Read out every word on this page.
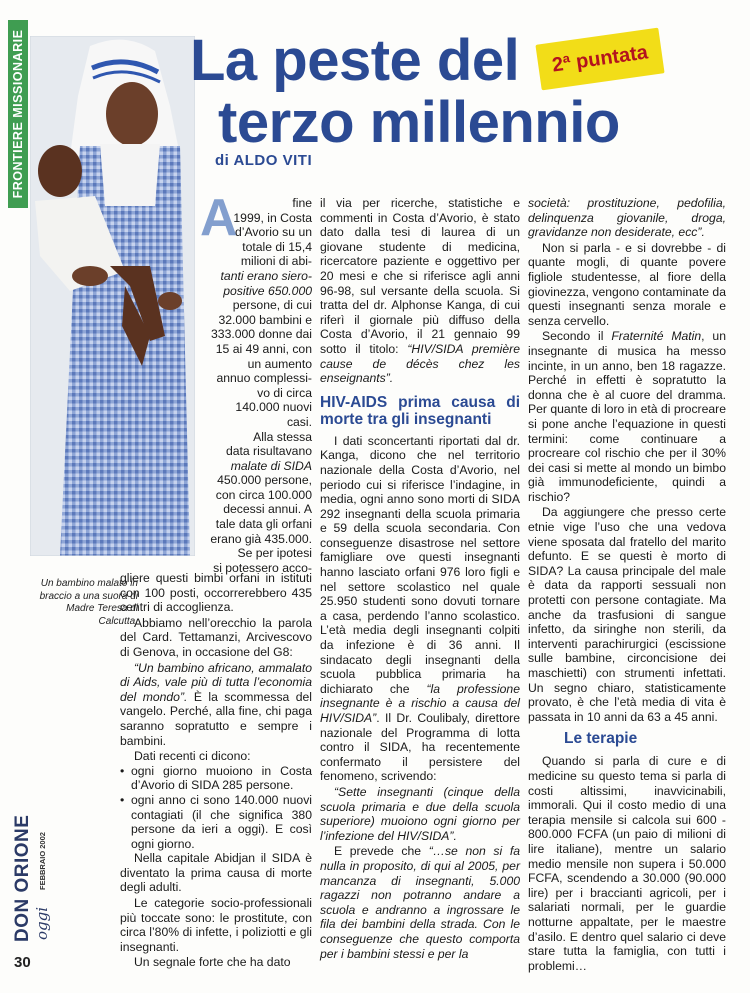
FRONTIERE MISSIONARIE
Un bambino malato in braccio a una suora di Madre Teresa di Calcutta.
La peste del
terzo millennio
2ª puntata
di ALDO VITI
A	fine
1999, in Costa
d’Avorio su un
totale di 15,4
milioni di abi-
tanti erano siero-
positive 650.000
persone, di cui
32.000 bambini e
333.000 donne dai
15 ai 49 anni, con
un aumento
annuo complessi-
vo di circa
140.000 nuovi
casi.
Alla stessa
data risultavano
malate di SIDA
450.000 persone,
con circa 100.000
decessi annui. A
tale data gli orfani
erano già 435.000.
Se per ipotesi
si potessero acco-

gliere questi bimbi orfani in istituti con 100 posti, occorrerebbero 435 centri di accoglienza.

Abbiamo nell’orecchio la parola del Card. Tettamanzi, Arcivescovo di Genova, in occasione del G8:

“Un bambino africano, ammalato di Aids, vale più di tutta l’economia del mondo”. È la scommessa del vangelo. Perché, alla fine, chi paga saranno sopratutto e sempre i bambini.

Dati recenti ci dicono:

• ogni giorno muoiono in Costa d’Avorio di SIDA 285 persone.
• ogni anno ci sono 140.000 nuovi contagiati (il che significa 380 persone da ieri a oggi). E così ogni giorno.

Nella capitale Abidjan il SIDA è diventato la prima causa di morte degli adulti.

Le categorie socio-professionali più toccate sono: le prostitute, con circa l’80% di infette, i poliziotti e gli insegnanti.

Un segnale forte che ha dato

il via per ricerche, statistiche e commenti in Costa d’Avorio, è stato dato dalla tesi di laurea di un giovane studente di medicina, ricercatore paziente e oggettivo per 20 mesi e che si riferisce agli anni 96-98, sul versante della scuola. Si tratta del dr. Alphonse Kanga, di cui riferì il giornale più diffuso della Costa d’Avorio, il 21 gennaio 99 sotto il titolo: “HIV/SIDA première cause de décès chez les enseignants”.

HIV-AIDS prima causa di morte tra gli insegnanti

I dati sconcertanti riportati dal dr. Kanga, dicono che nel territorio nazionale della Costa d’Avorio, nel periodo cui si riferisce l’indagine, in media, ogni anno sono morti di SIDA 292 insegnanti della scuola primaria e 59 della scuola secondaria. Con conseguenze disastrose nel settore famigliare ove questi insegnanti hanno lasciato orfani 976 loro figli e nel settore scolastico nel quale 25.950 studenti sono dovuti tornare a casa, perdendo l’anno scolastico. L’età media degli insegnanti colpiti da infezione è di 36 anni. Il sindacato degli insegnanti della scuola pubblica primaria ha dichiarato che “la professione insegnante è a rischio a causa del HIV/SIDA”. Il Dr. Coulibaly, direttore nazionale del Programma di lotta contro il SIDA, ha recentemente confermato il persistere del fenomeno, scrivendo:

“Sette insegnanti (cinque della scuola primaria e due della scuola superiore) muoiono ogni giorno per l’infezione del HIV/SIDA”.

E prevede che “…se non si fa nulla in proposito, di qui al 2005, per mancanza di insegnanti, 5.000 ragazzi non potranno andare a scuola e andranno a ingrossare le fila dei bambini della strada. Con le conseguenze che questo comporta per i bambini stessi e per la

società: prostituzione, pedofilia, delinquenza giovanile, droga, gravidanze non desiderate, ecc”.

Non si parla - e si dovrebbe - di quante mogli, di quante povere figliole studentesse, al fiore della giovinezza, vengono contaminate da questi insegnanti senza morale e senza cervello.

Secondo il Fraternité Matin, un insegnante di musica ha messo incinte, in un anno, ben 18 ragazze. Perché in effetti è sopratutto la donna che è al cuore del dramma. Per quante di loro in età di procreare si pone anche l’equazione in questi termini: come continuare a procreare col rischio che per il 30% dei casi si mette al mondo un bimbo già immunodeficiente, quindi a rischio?

Da aggiungere che presso certe etnie vige l’uso che una vedova viene sposata dal fratello del marito defunto. E se questi è morto di SIDA? La causa principale del male è data da rapporti sessuali non protetti con persone contagiate. Ma anche da trasfusioni di sangue infetto, da siringhe non sterili, da interventi parachirurgici (escissione sulle bambine, circoncisione dei maschietti) con strumenti infettati. Un segno chiaro, statisticamente provato, è che l’età media di vita è passata in 10 anni da 63 a 45 anni.

Le terapie

Quando si parla di cure e di medicine su questo tema si parla di costi altissimi, inavvicinabili, immorali. Qui il costo medio di una terapia mensile si calcola sui 600 - 800.000 FCFA (un paio di milioni di lire italiane), mentre un salario medio mensile non supera i 50.000 FCFA, scendendo a 30.000 (90.000 lire) per i braccianti agricoli, per i salariati normali, per le guardie notturne appaltate, per le maestre d’asilo. E dentro quel salario ci deve stare tutta la famiglia, con tutti i problemi…

DON ORIONE oggi
FEBBRAIO 2002
30
